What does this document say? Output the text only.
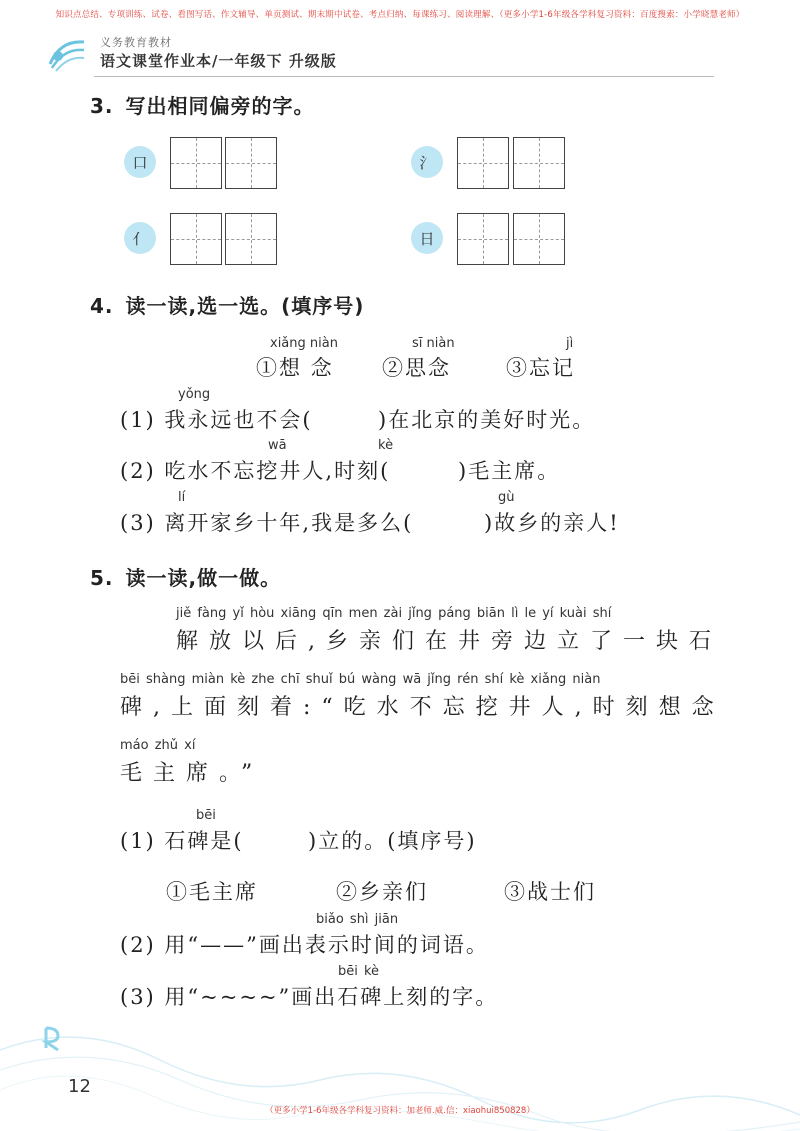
知识点总结、专项训练、试卷、看图写话、作文辅导、单页测试、期末期中试卷、考点归纳、每课练习、阅读理解、（更多小学1-6年级各学科复习资料：百度搜索：小学晓慧老师）
义务教育教材
语文课堂作业本/一年级下 升级版
3. 写出相同偏旁的字。
口	氵
亻	日
4. 读一读,选一选。(填序号)
xiǎng niàn
①想 念
sī niàn
②思念
jì
③忘记
yǒng
(1) 我永远也不会(	)在北京的美好时光。
wā	kè
(2) 吃水不忘挖井人,时刻(	)毛主席。
lí	gù
(3) 离开家乡十年,我是多么(	)故乡的亲人!
5. 读一读,做一做。
jiě fàng yǐ hòu xiāng qīn men zài jǐng páng biān lì le yí kuài shí
解放以后,乡亲们在井旁边立了一块石
bēi shàng miàn kè zhe chī shuǐ bú wàng wā jǐng rén shí kè xiǎng niàn
碑,上面刻着:“吃水不忘挖井人,时刻想念
máo zhǔ xí
毛主席。”
bēi
(1) 石碑是(	)立的。(填序号)
①毛主席	②乡亲们	③战士们
biǎo shì jiān
(2) 用“——”画出表示时间的词语。
bēi kè
(3) 用“~~~~”画出石碑上刻的字。
12
（更多小学1-6年级各学科复习资料：加老师.威.信：xiaohui850828）
